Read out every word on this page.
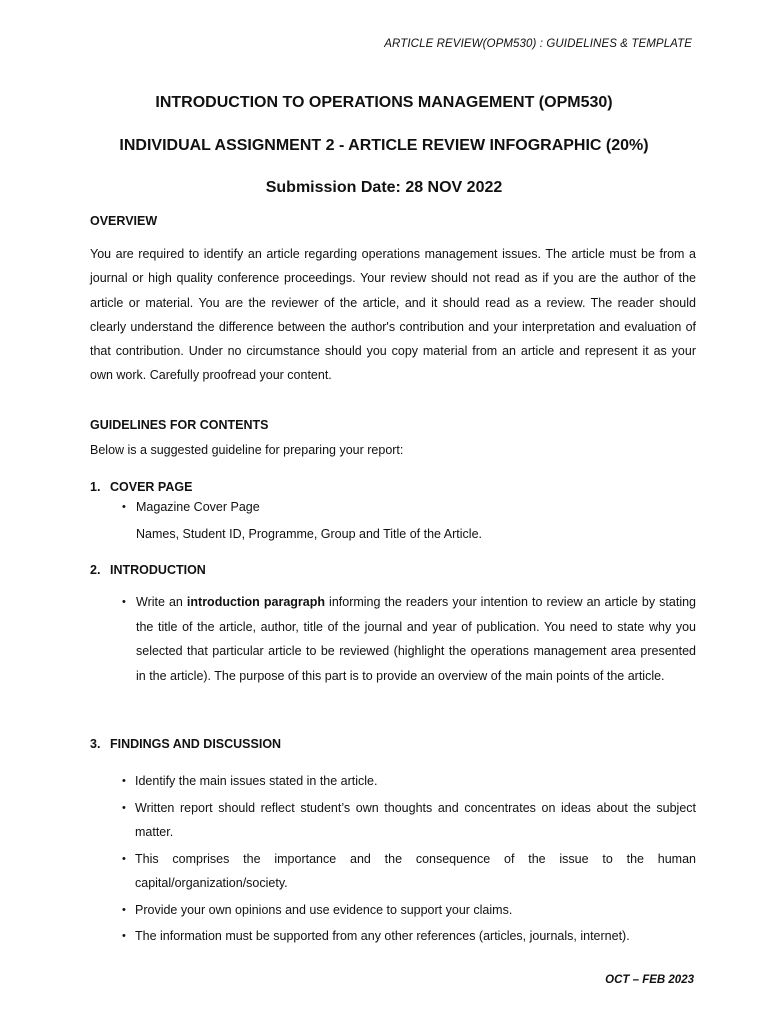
ARTICLE REVIEW(OPM530) : GUIDELINES & TEMPLATE
INTRODUCTION TO OPERATIONS MANAGEMENT (OPM530)
INDIVIDUAL ASSIGNMENT 2 - ARTICLE REVIEW INFOGRAPHIC (20%)
Submission Date: 28 NOV 2022
OVERVIEW
You are required to identify an article regarding operations management issues. The article must be from a journal or high quality conference proceedings. Your review should not read as if you are the author of the article or material. You are the reviewer of the article, and it should read as a review. The reader should clearly understand the difference between the author's contribution and your interpretation and evaluation of that contribution. Under no circumstance should you copy material from an article and represent it as your own work. Carefully proofread your content.
GUIDELINES FOR CONTENTS
Below is a suggested guideline for preparing your report:
1. COVER PAGE
• Magazine Cover Page
Names, Student ID, Programme, Group and Title of the Article.
2. INTRODUCTION
• Write an introduction paragraph informing the readers your intention to review an article by stating the title of the article, author, title of the journal and year of publication. You need to state why you selected that particular article to be reviewed (highlight the operations management area presented in the article). The purpose of this part is to provide an overview of the main points of the article.
3. FINDINGS AND DISCUSSION
• Identify the main issues stated in the article.
• Written report should reflect student’s own thoughts and concentrates on ideas about the subject matter.
• This comprises the importance and the consequence of the issue to the human capital/organization/society.
• Provide your own opinions and use evidence to support your claims.
• The information must be supported from any other references (articles, journals, internet).
OCT – FEB 2023
